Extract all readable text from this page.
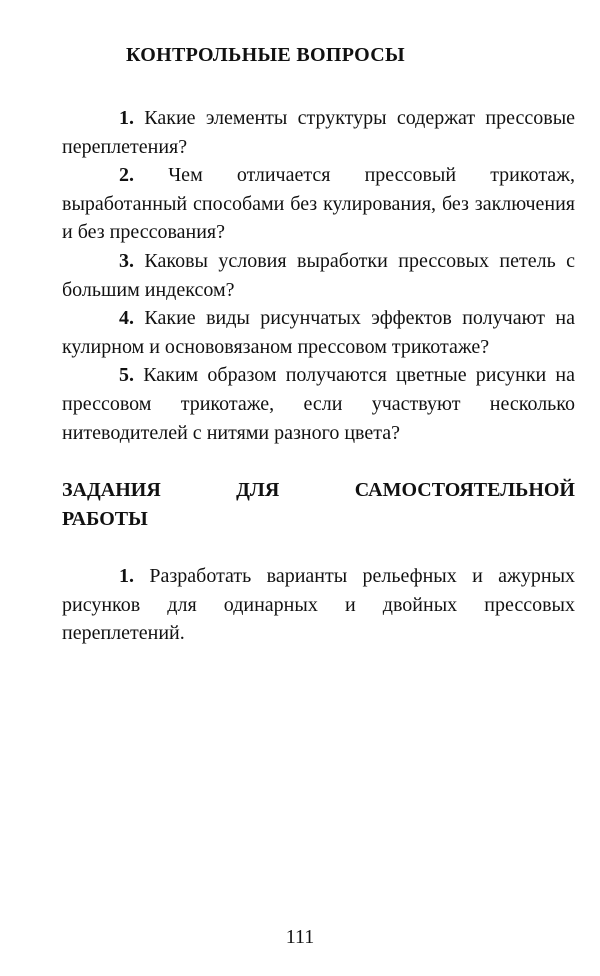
КОНТРОЛЬНЫЕ ВОПРОСЫ
1. Какие элементы структуры содержат прессовые
переплетения?
2. Чем отличается прессовый трикотаж,
выработанный способами без кулирования, без заключения
и без прессования?
3. Каковы условия выработки прессовых петель с
большим индексом?
4. Какие виды рисунчатых эффектов получают на
кулирном и основовязаном прессовом трикотаже?
5. Каким образом получаются цветные рисунки на
прессовом трикотаже, если участвуют несколько
нитеводителей с нитями разного цвета?
ЗАДАНИЯ	ДЛЯ	САМОСТОЯТЕЛЬНОЙ
РАБОТЫ
1. Разработать варианты рельефных и ажурных
рисунков для одинарных и двойных прессовых
переплетений.
111
